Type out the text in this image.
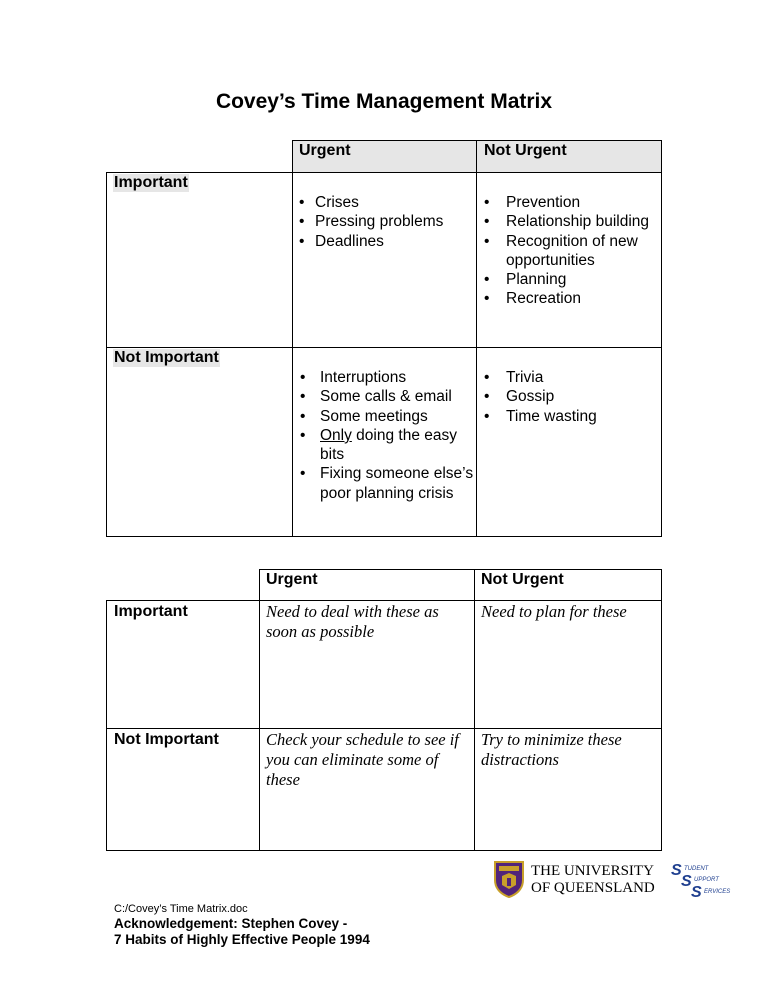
Covey’s Time Management Matrix
Urgent	Not Urgent
Important
Not Important
• Crises
• Pressing problems
• Deadlines
• Prevention
• Relationship building
• Recognition of new opportunities
• Planning
• Recreation
• Interruptions
• Some calls & email
• Some meetings
• Only doing the easy bits
• Fixing someone else’s poor planning crisis
• Trivia
• Gossip
• Time wasting
Urgent	Not Urgent
Important
Not Important
Need to deal with these as soon as possible
Need to plan for these
Check your schedule to see if you can eliminate some of these
Try to minimize these distractions
THE UNIVERSITY
OF QUEENSLAND
S
S
S
TUDENT
UPPORT
ERVICES
C:/Covey’s Time Matrix.doc
Acknowledgement: Stephen Covey -
7 Habits of Highly Effective People 1994
